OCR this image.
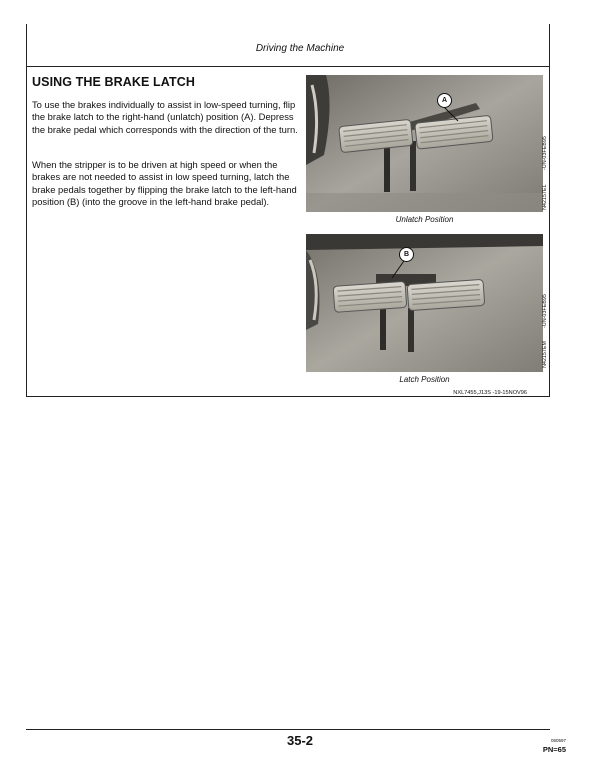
Driving the Machine
USING THE BRAKE LATCH
To use the brakes individually to assist in low-speed turning, flip the brake latch to the right-hand (unlatch) position (A). Depress the brake pedal which corresponds with the direction of the turn.
When the stripper is to be driven at high speed or when the brakes are not needed to assist in low speed turning, latch the brake pedals together by flipping the brake latch to the left-hand position (B) (into the groove in the left-hand brake pedal).
A
N42157EL
-UN-03FEB95
Unlatch Position
B
N42157EM
-UN-03FEB95
Latch Position
NXL7455,J13S -19-15NOV96
35-2	060597
PN=65
